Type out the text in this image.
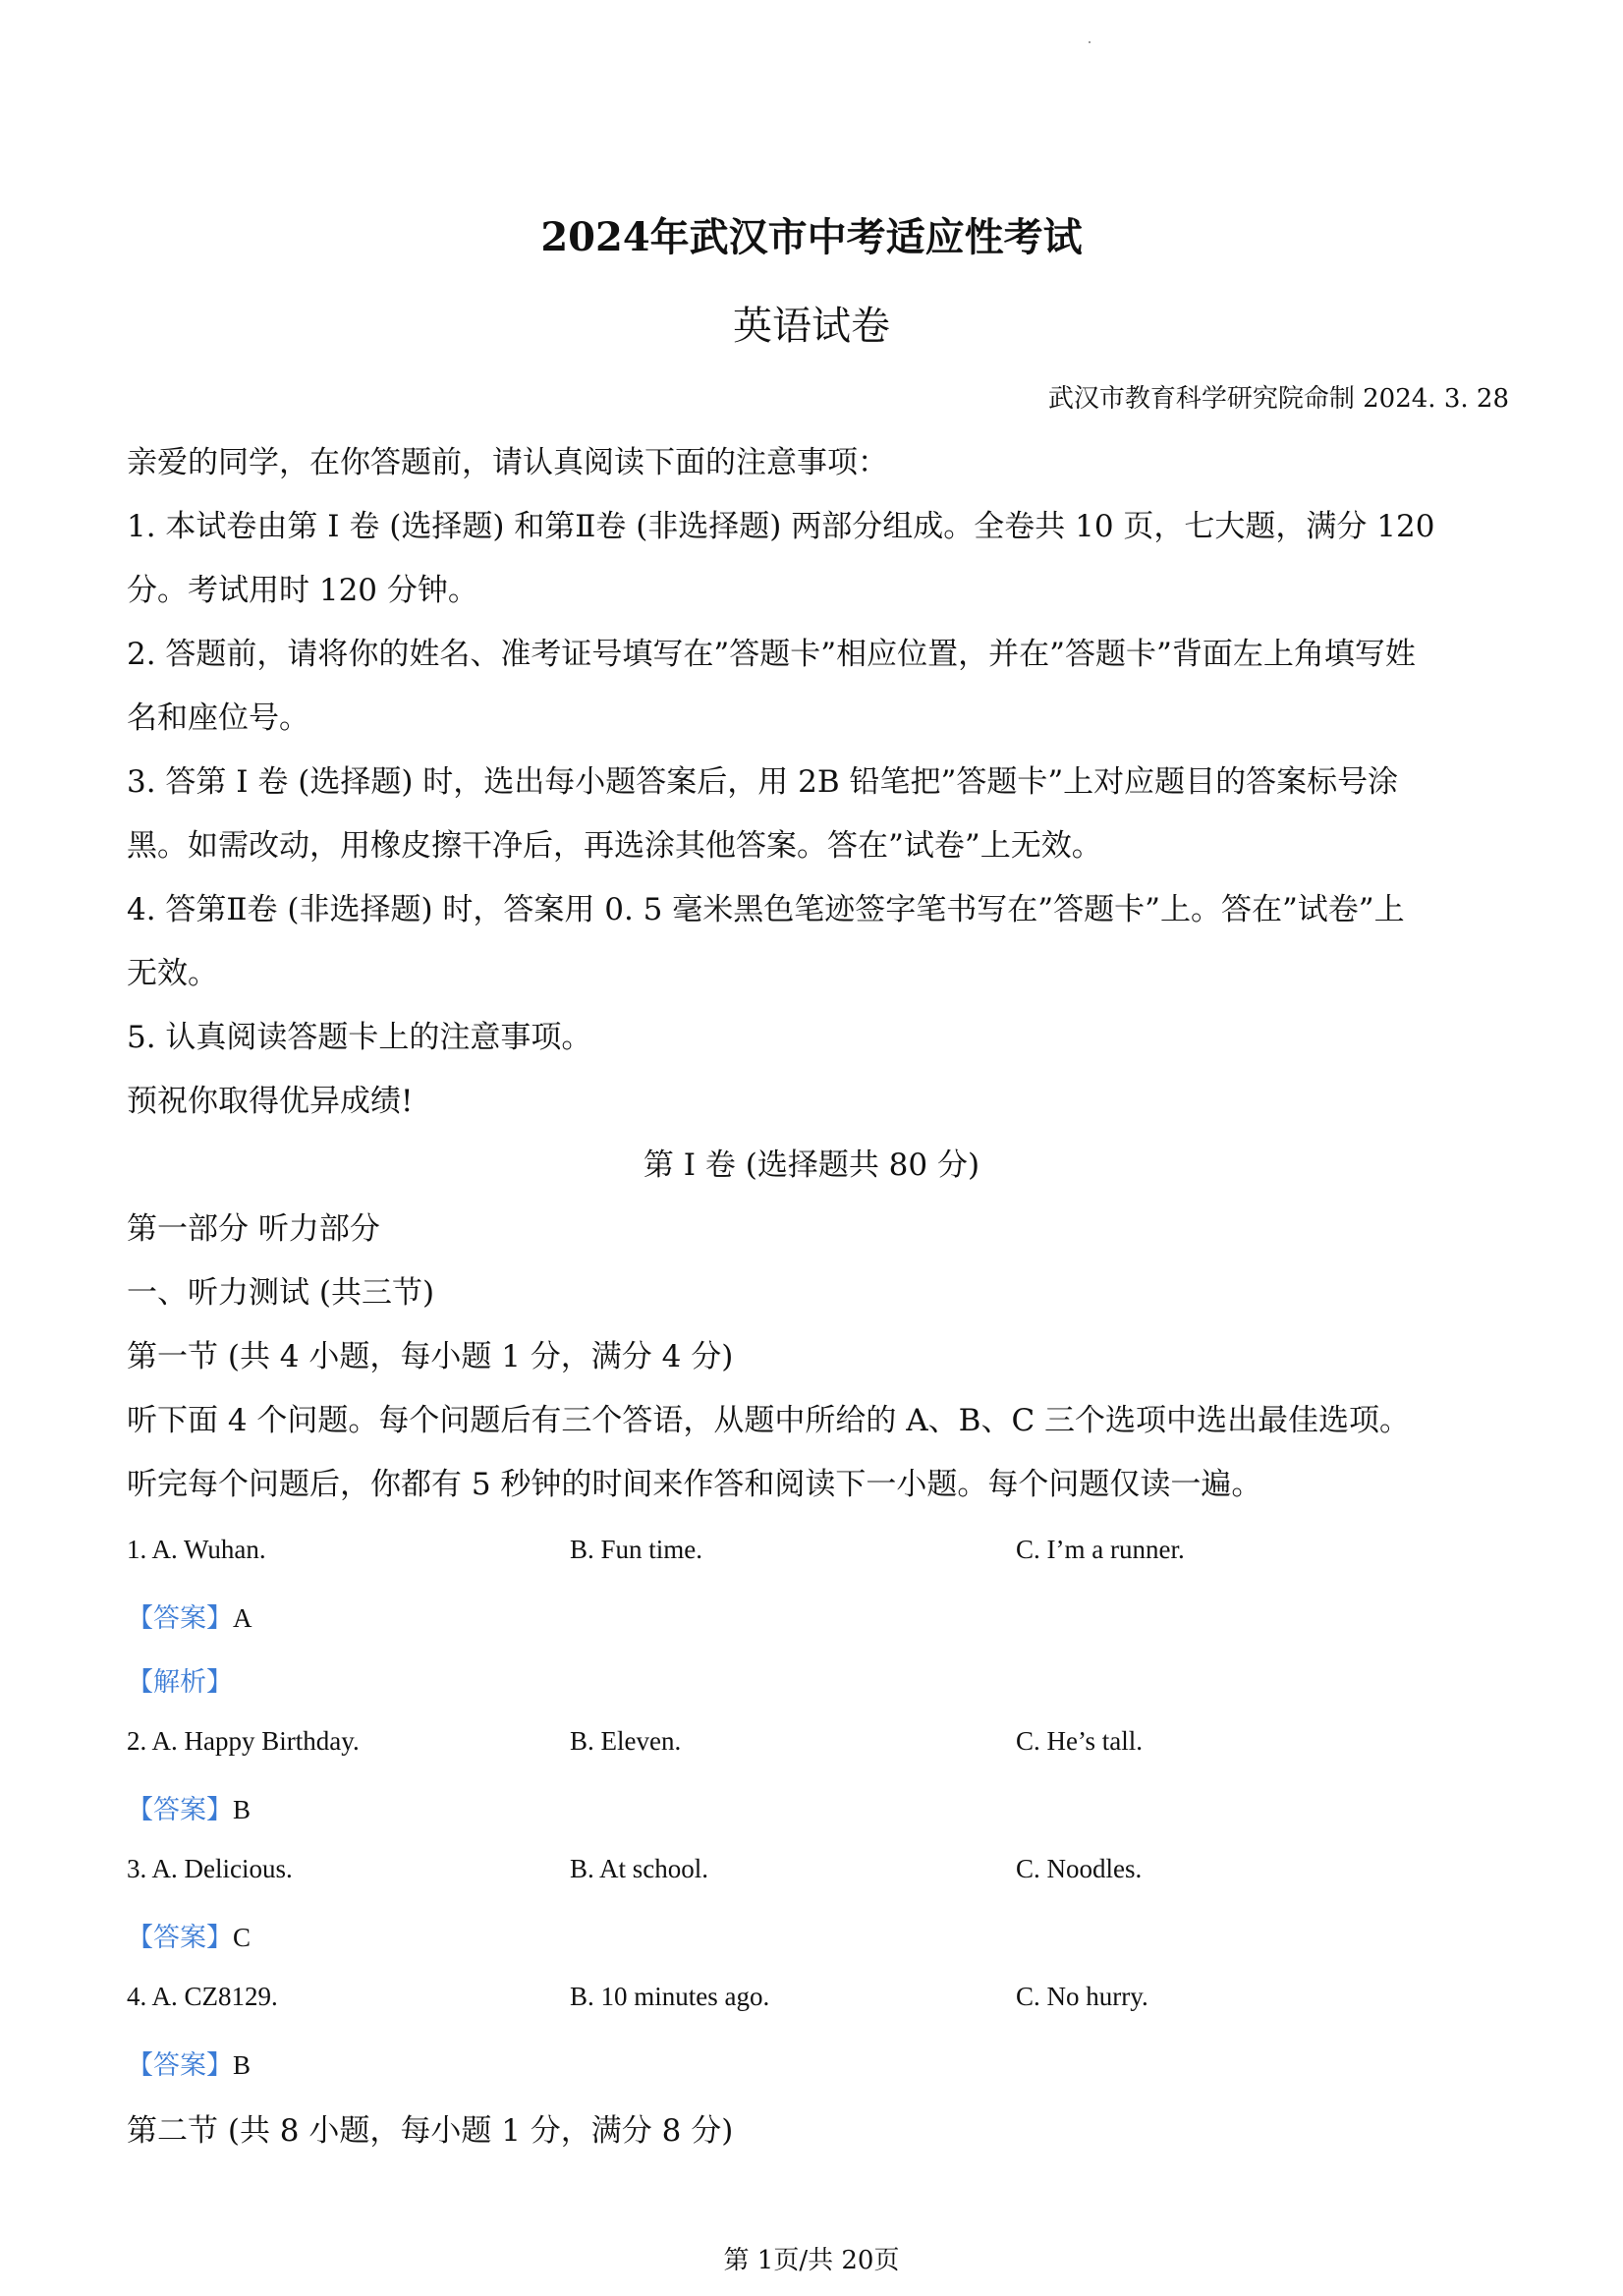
2024年武汉市中考适应性考试
英语试卷
武汉市教育科学研究院命制 2024. 3. 28
亲爱的同学，在你答题前，请认真阅读下面的注意事项：
1. 本试卷由第 I 卷 (选择题) 和第Ⅱ卷 (非选择题) 两部分组成。全卷共 10 页，七大题，满分 120
分。考试用时 120 分钟。
2. 答题前，请将你的姓名、准考证号填写在”答题卡”相应位置，并在”答题卡”背面左上角填写姓
名和座位号。
3. 答第 I 卷 (选择题) 时，选出每小题答案后，用 2B 铅笔把”答题卡”上对应题目的答案标号涂
黑。如需改动，用橡皮擦干净后，再选涂其他答案。答在”试卷”上无效。
4. 答第Ⅱ卷 (非选择题) 时，答案用 0. 5 毫米黑色笔迹签字笔书写在”答题卡”上。答在”试卷”上
无效。
5. 认真阅读答题卡上的注意事项。
预祝你取得优异成绩!
第 I 卷 (选择题共 80 分)
第一部分 听力部分
一、听力测试 (共三节)
第一节 (共 4 小题，每小题 1 分，满分 4 分)
听下面 4 个问题。每个问题后有三个答语，从题中所给的 A、B、C 三个选项中选出最佳选项。
听完每个问题后，你都有 5 秒钟的时间来作答和阅读下一小题。每个问题仅读一遍。
1. A. Wuhan.	B. Fun time.	C. I’m a runner.
【答案】A
【解析】
2. A. Happy Birthday.	B. Eleven.	C. He’s tall.
【答案】B
3. A. Delicious.	B. At school.	C. Noodles.
【答案】C
4. A. CZ8129.	B. 10 minutes ago.	C. No hurry.
【答案】B
第二节 (共 8 小题，每小题 1 分，满分 8 分)
第 1页/共 20页
